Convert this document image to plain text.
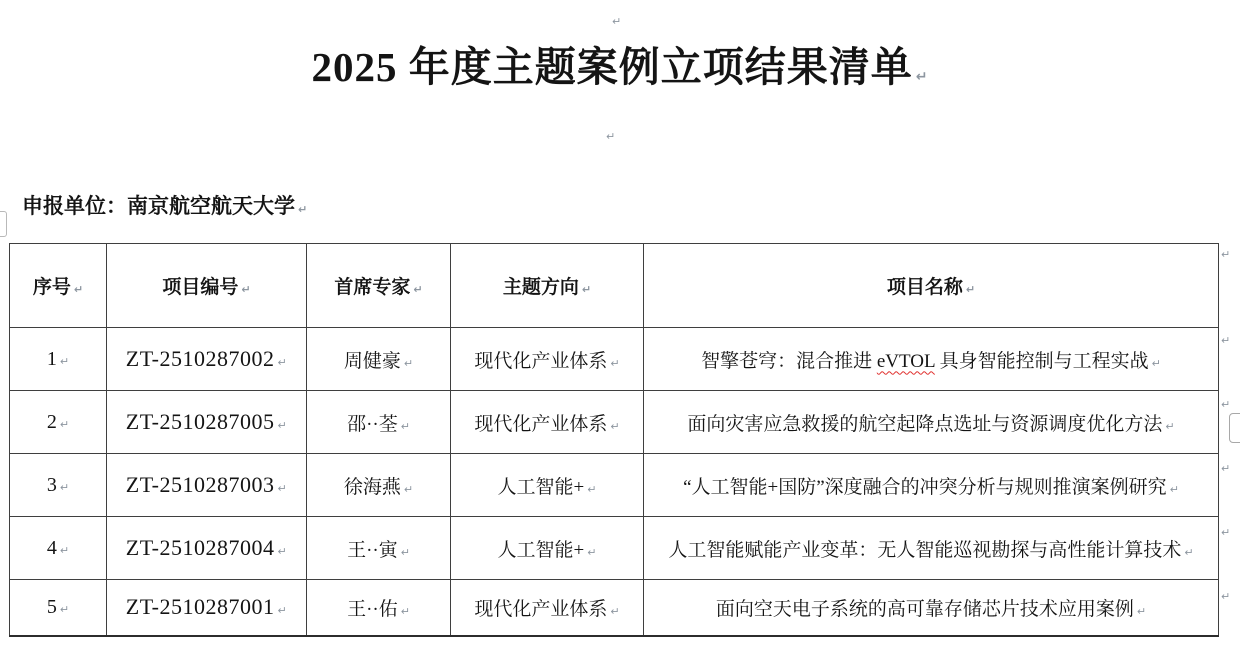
↵
2025 年度主题案例立项结果清单 ↵
↵
申报单位：南京航空航天大学 ↵
序号 ↵	项目编号 ↵	首席专家 ↵	主题方向 ↵	项目名称 ↵
1 ↵	ZT-2510287002 ↵	周健豪 ↵	现代化产业体系 ↵	智擎苍穹：混合推进 eVTOL 具身智能控制与工程实战 ↵
2 ↵	ZT-2510287005 ↵	邵··荃 ↵	现代化产业体系 ↵	面向灾害应急救援的航空起降点选址与资源调度优化方法 ↵
3 ↵	ZT-2510287003 ↵	徐海燕 ↵	人工智能+ ↵	“人工智能+国防”深度融合的冲突分析与规则推演案例研究 ↵
4 ↵	ZT-2510287004 ↵	王··寅 ↵	人工智能+ ↵	人工智能赋能产业变革：无人智能巡视勘探与高性能计算技术 ↵
5 ↵	ZT-2510287001 ↵	王··佑 ↵	现代化产业体系 ↵	面向空天电子系统的高可靠存储芯片技术应用案例 ↵
↵
↵
↵
↵
↵
↵
